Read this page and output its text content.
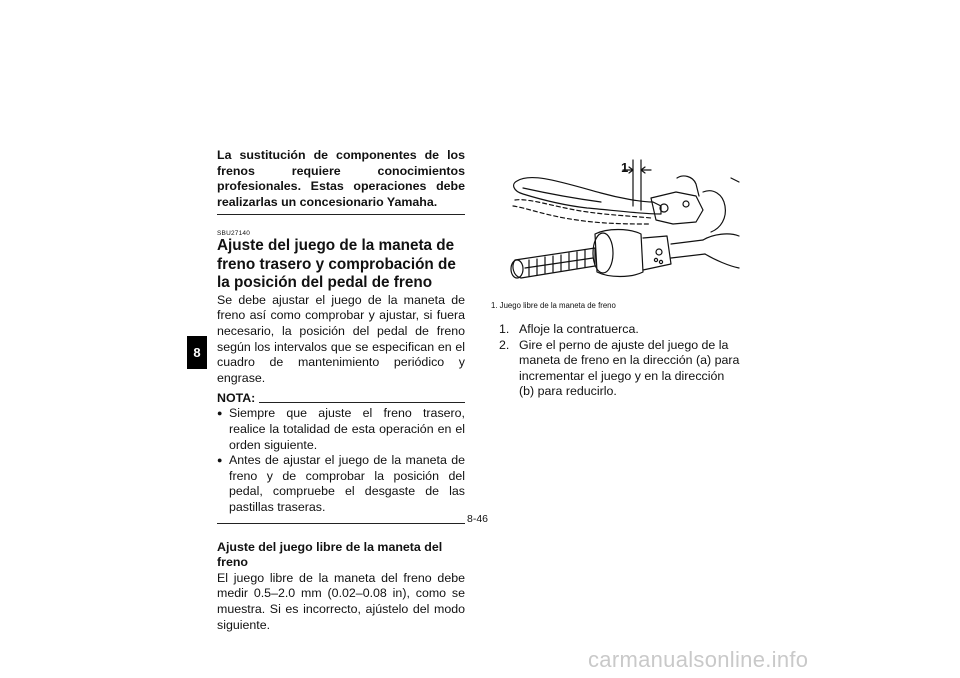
8

La sustitución de componentes de los frenos requiere conocimientos profesionales. Estas operaciones debe realizarlas un concesionario Yamaha.

SBU27140

Ajuste del juego de la maneta de freno trasero y comprobación de la posición del pedal de freno

Se debe ajustar el juego de la maneta de freno así como comprobar y ajustar, si fuera necesario, la posición del pedal de freno según los intervalos que se especifican en el cuadro de mantenimiento periódico y engrase.

NOTA:
● Siempre que ajuste el freno trasero, realice la totalidad de esta operación en el orden siguiente.
● Antes de ajustar el juego de la maneta de freno y de comprobar la posición del pedal, compruebe el desgaste de las pastillas traseras.
Ajuste del juego libre de la maneta del freno

El juego libre de la maneta del freno debe medir 0.5–2.0 mm (0.02–0.08 in), como se muestra. Si es incorrecto, ajústelo del modo siguiente.

1

1. Juego libre de la maneta de freno

1. Afloje la contratuerca.
2. Gire el perno de ajuste del juego de la maneta de freno en la dirección (a) para incrementar el juego y en la dirección (b) para reducirlo.
8-46
carmanualsonline.info
